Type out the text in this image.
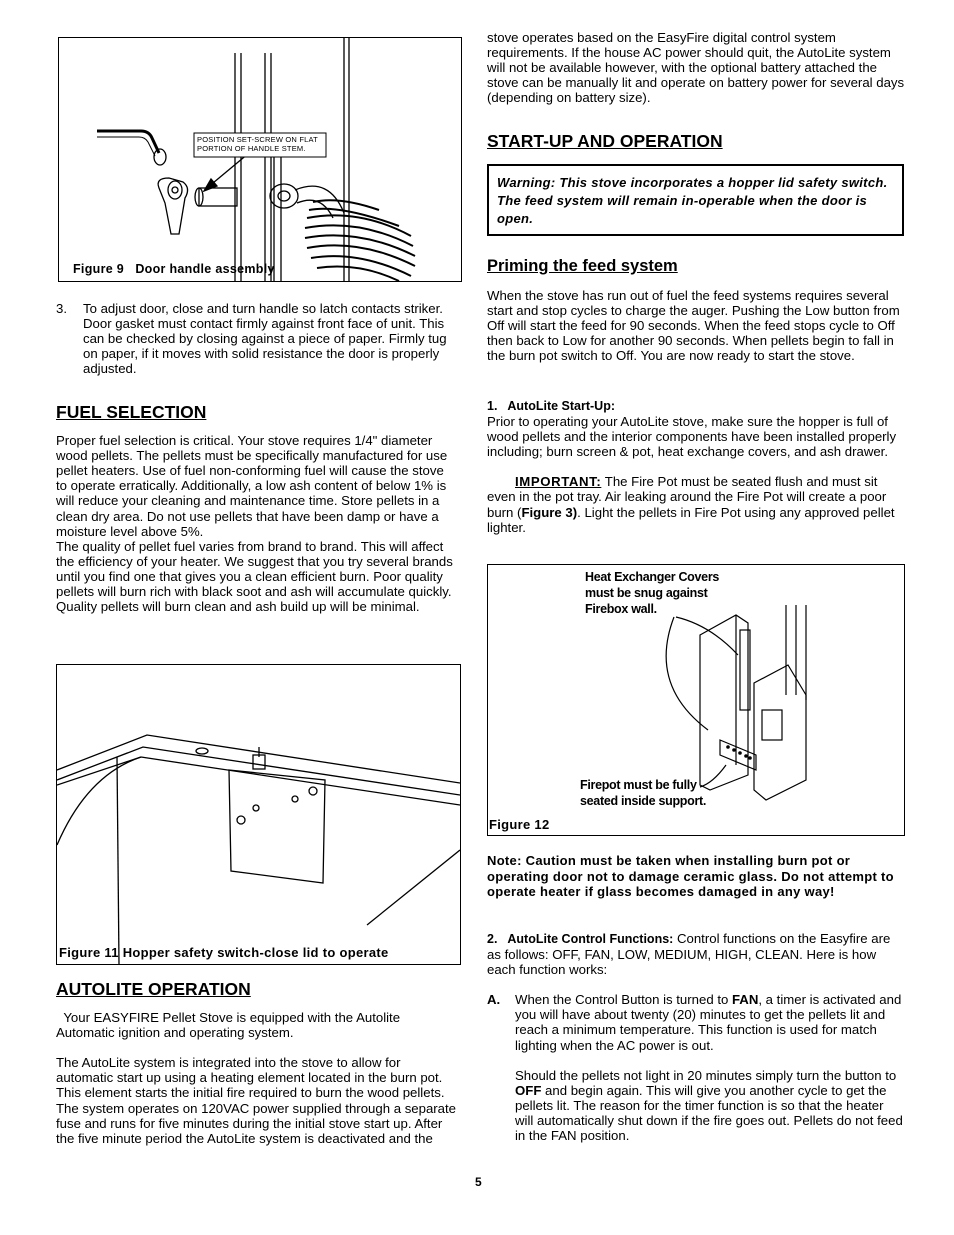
POSITION SET-SCREW ON FLAT
PORTION OF HANDLE STEM.
Figure 9   Door handle assembly
3. To adjust door, close and turn handle so latch contacts striker. Door gasket must contact firmly against front face of unit. This can be checked by closing against a piece of paper. Firmly tug on paper, if it moves with solid resistance the door is properly adjusted.

FUEL SELECTION

Proper fuel selection is critical. Your stove requires 1/4" diameter wood pellets. The pellets must be specifically manufactured for use pellet heaters. Use of fuel non-conforming fuel will cause the stove to operate erratically. Additionally, a low ash content of below 1% is will reduce your cleaning and maintenance time. Store pellets in a clean dry area. Do not use pellets that have been damp or have a moisture level above 5%.

The quality of pellet fuel varies from brand to brand. This will affect the efficiency of your heater. We suggest that you try several brands until you find one that gives you a clean efficient burn. Poor quality pellets will burn rich with black soot and ash will accumulate quickly. Quality pellets will burn clean and ash build up will be minimal.

Figure 11 Hopper safety switch-close lid to operate
AUTOLITE OPERATION

Your EASYFIRE Pellet Stove is equipped with the Autolite Automatic ignition and operating system.

The AutoLite system is integrated into the stove to allow for automatic start up using a heating element located in the burn pot. This element starts the initial fire required to burn the wood pellets. The system operates on 120VAC power supplied through a separate fuse and runs for five minutes during the initial stove start up. After the five minute period the AutoLite system is deactivated and the

stove operates based on the EasyFire digital control system requirements. If the house AC power should quit, the AutoLite system will not be available however, with the optional battery attached the stove can be manually lit and operate on battery power for several days (depending on battery size).

START-UP AND OPERATION
Warning: This stove incorporates a hopper lid safety switch. The feed system will remain in-operable when the door is open.
Priming the feed system

When the stove has run out of fuel the feed systems requires several start and stop cycles to charge the auger. Pushing the Low button from Off will start the feed for 90 seconds. When the feed stops cycle to Off then back to Low for another 90 seconds. When pellets begin to fall in the burn pot switch to Off. You are now ready to start the stove.

1.   AutoLite Start-Up:

Prior to operating your AutoLite stove, make sure the hopper is full of wood pellets and the interior components have been installed properly including; burn screen & pot, heat exchange covers, and ash drawer.

IMPORTANT: The Fire Pot must be seated flush and must sit even in the pot tray. Air leaking around the Fire Pot will create a poor burn (Figure 3). Light the pellets in Fire Pot using any approved pellet lighter.

Heat Exchanger Covers
must be snug against
Firebox wall.
Firepot must be fully
seated inside support.
Figure 12

Note: Caution must be taken when installing burn pot or operating door not to damage ceramic glass. Do not attempt to operate heater if glass becomes damaged in any way!

2.   AutoLite Control Functions: Control functions on the Easyfire are as follows: OFF, FAN, LOW, MEDIUM, HIGH, CLEAN. Here is how each function works:

A. When the Control Button is turned to FAN, a timer is activated and you will have about twenty (20) minutes to get the pellets lit and reach a minimum temperature. This function is used for match lighting when the AC power is out.

Should the pellets not light in 20 minutes simply turn the button to OFF and begin again. This will give you another cycle to get the pellets lit. The reason for the timer function is so that the heater will automatically shut down if the fire goes out. Pellets do not feed in the FAN position.

5
